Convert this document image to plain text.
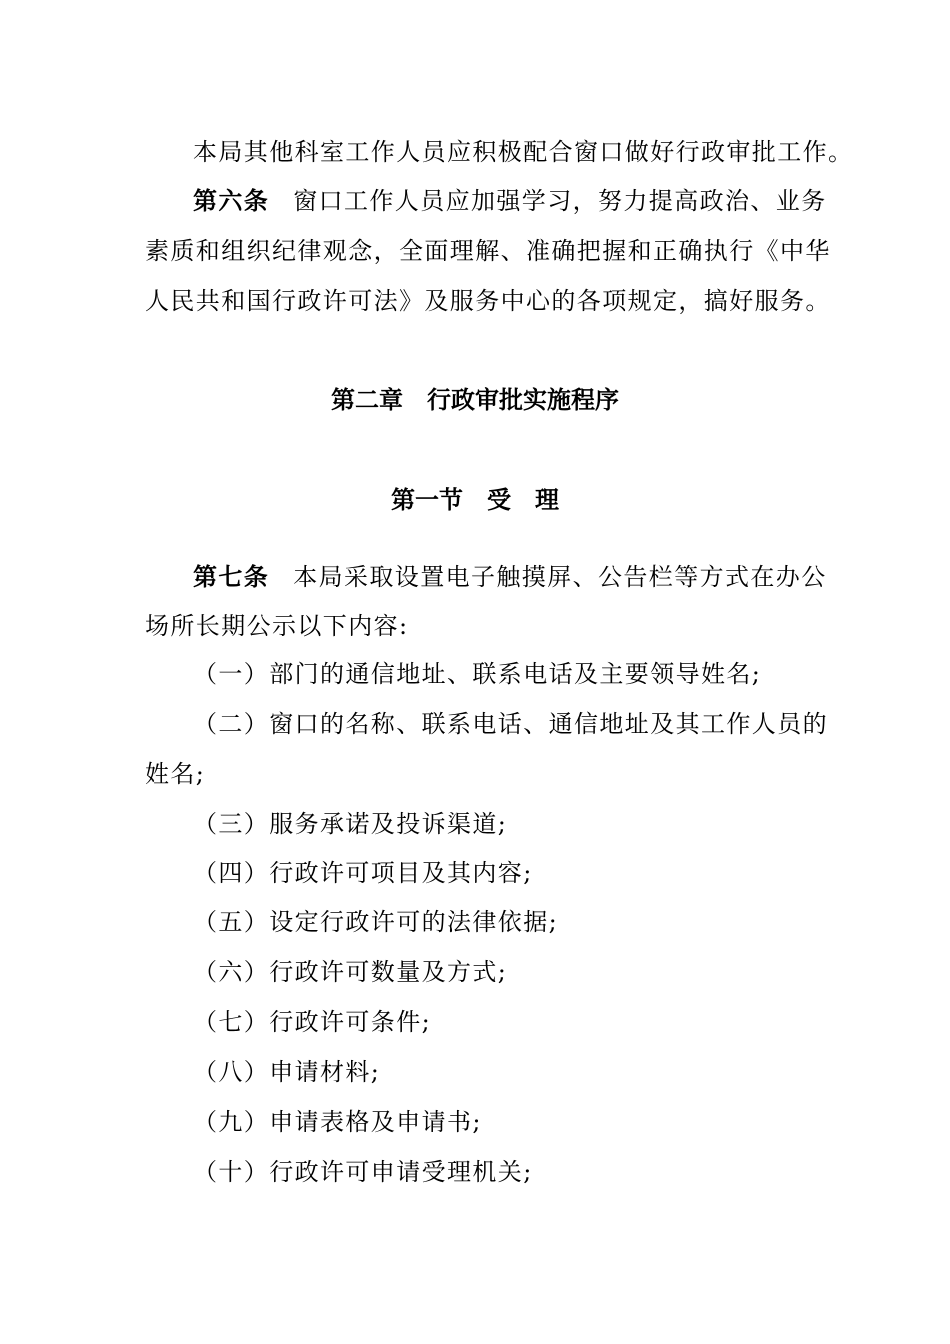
本局其他科室工作人员应积极配合窗口做好行政审批工作。
第六条 窗口工作人员应加强学习，努力提高政治、业务
素质和组织纪律观念，全面理解、准确把握和正确执行《中华
人民共和国行政许可法》及服务中心的各项规定，搞好服务。
第二章 行政审批实施程序
第一节 受　理
第七条 本局采取设置电子触摸屏、公告栏等方式在办公
场所长期公示以下内容:
（一）部门的通信地址、联系电话及主要领导姓名;
（二）窗口的名称、联系电话、通信地址及其工作人员的
姓名;
（三）服务承诺及投诉渠道;
（四）行政许可项目及其内容;
（五）设定行政许可的法律依据;
（六）行政许可数量及方式;
（七）行政许可条件;
（八）申请材料;
（九）申请表格及申请书;
（十）行政许可申请受理机关;
